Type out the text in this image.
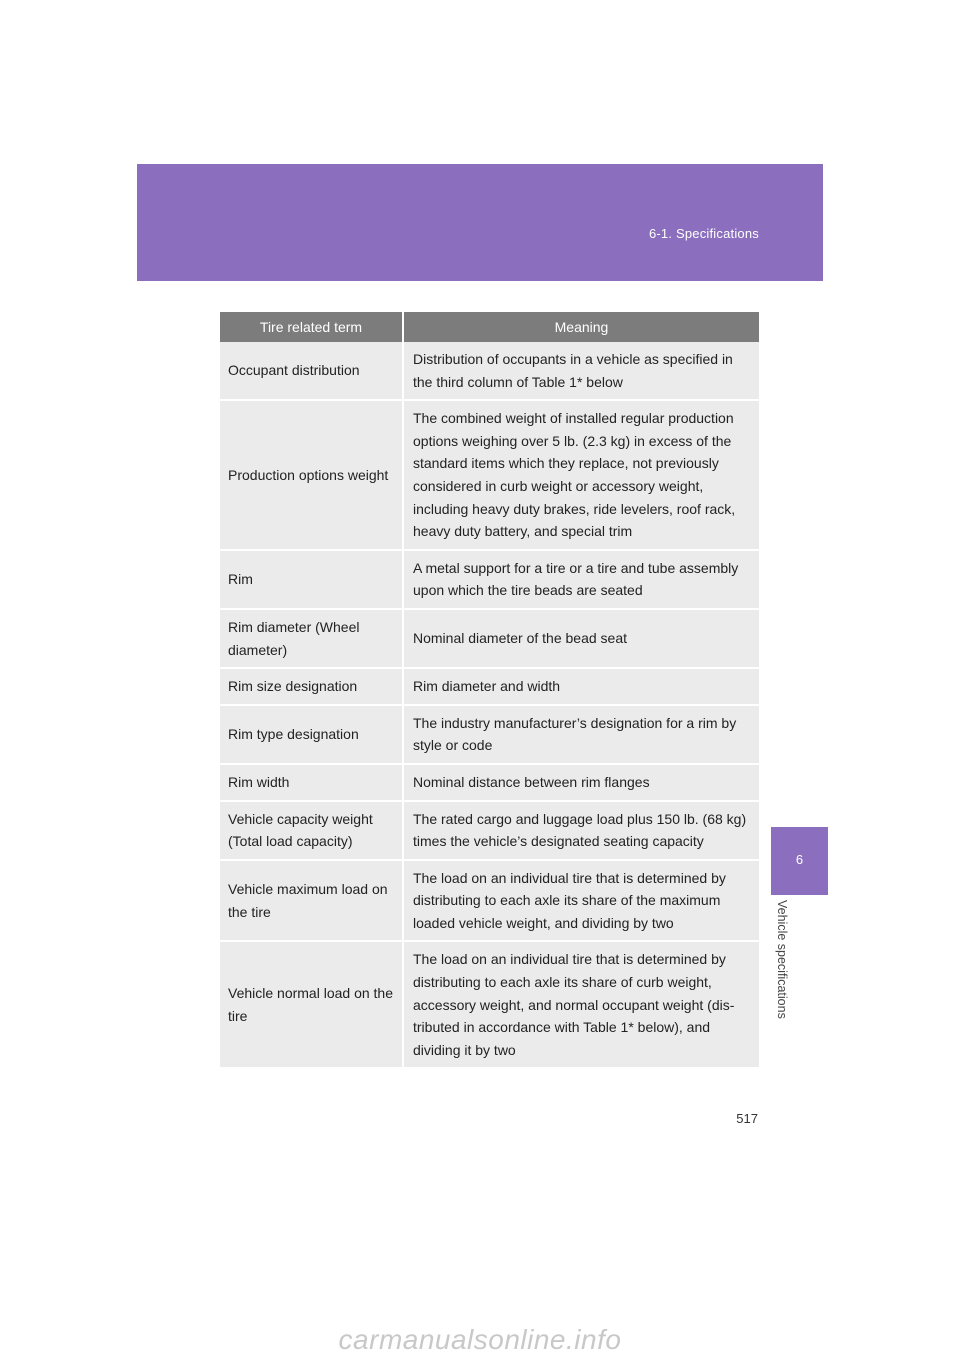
6-1. Specifications
6
Vehicle specifications
Tire related term	Meaning
Occupant distribution	Distribution of occupants in a vehicle as specified in the third column of Table 1* below
Production options weight	The combined weight of installed regular production options weighing over 5 lb. (2.3 kg) in excess of the standard items which they replace, not previously considered in curb weight or accessory weight, including heavy duty brakes, ride levelers, roof rack, heavy duty battery, and special trim
Rim	A metal support for a tire or a tire and tube assembly upon which the tire beads are seated
Rim diameter (Wheel diameter)	Nominal diameter of the bead seat
Rim size designation	Rim diameter and width
Rim type designation	The industry manufacturer’s designation for a rim by style or code
Rim width	Nominal distance between rim flanges
Vehicle capacity weight (Total load capacity)	The rated cargo and luggage load plus 150 lb. (68 kg) times the vehicle’s designated seating capacity
Vehicle maximum load on the tire	The load on an individual tire that is determined by distributing to each axle its share of the maximum loaded vehicle weight, and dividing by two
Vehicle normal load on the tire	The load on an individual tire that is determined by distributing to each axle its share of curb weight, accessory weight, and normal occupant weight (dis-tributed in accordance with Table 1* below), and dividing it by two
517
carmanualsonline.info
